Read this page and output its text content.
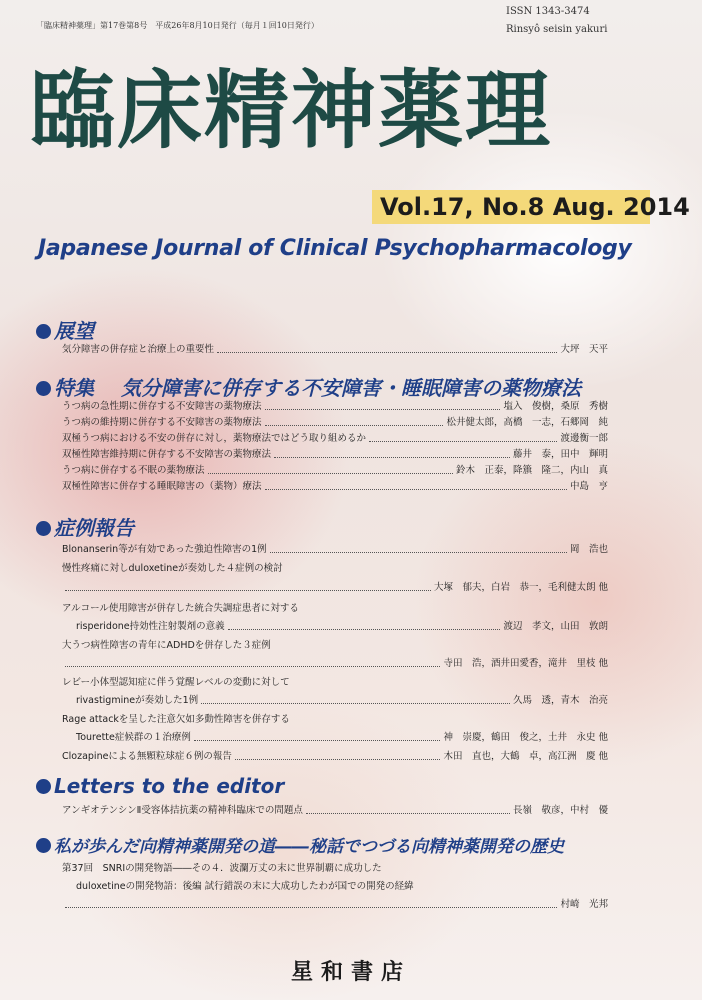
「臨床精神薬理」第17巻第8号　平成26年8月10日発行（毎月１回10日発行）
ISSN 1343-3474
Rinsyô seisin yakuri
臨床精神薬理
Vol.17, No.8 Aug. 2014
Japanese Journal of Clinical Psychopharmacology
展望
気分障害の併存症と治療上の重要性	大坪　天平
特集　 気分障害に併存する不安障害・睡眠障害の薬物療法
うつ病の急性期に併存する不安障害の薬物療法	塩入　俊樹，桑原　秀樹
うつ病の維持期に併存する不安障害の薬物療法	松井健太郎，高橋　一志，石郷岡　純
双極うつ病における不安の併存に対し，薬物療法ではどう取り組めるか	渡邊衡一郎
双極性障害維持期に併存する不安障害の薬物療法	藤井　泰，田中　輝明
うつ病に併存する不眠の薬物療法	鈴木　正泰，降籏　隆二，内山　真
双極性障害に併存する睡眠障害の（薬物）療法	中島　亨
症例報告
Blonanserin等が有効であった強迫性障害の1例	岡　浩也
慢性疼痛に対しduloxetineが奏効した４症例の検討
大塚　郁夫，白岩　恭一，毛利健太朗 他
アルコール使用障害が併存した統合失調症患者に対する
risperidone持効性注射製剤の意義	渡辺　孝文，山田　敦朗
大うつ病性障害の青年にADHDを併存した３症例
寺田　浩，酒井田愛香，滝井　里枝 他
レビー小体型認知症に伴う覚醒レベルの変動に対して
rivastigmineが奏効した1例	久馬　透，青木　治亮
Rage attackを呈した注意欠如多動性障害を併存する
Tourette症候群の１治療例	神　崇慶，鶴田　俊之，土井　永史 他
Clozapineによる無顆粒球症６例の報告	木田　直也，大鶴　卓，高江洲　慶 他
Letters to the editor
アンギオテンシンⅡ受容体拮抗薬の精神科臨床での問題点	長嶺　敬彦，中村　優
私が歩んだ向精神薬開発の道――秘話でつづる向精神薬開発の歴史
第37回　SNRIの開発物語――その４．波瀾万丈の末に世界制覇に成功した
duloxetineの開発物語：後編 試行錯誤の末に大成功したわが国での開発の経緯
村崎　光邦
星和書店
